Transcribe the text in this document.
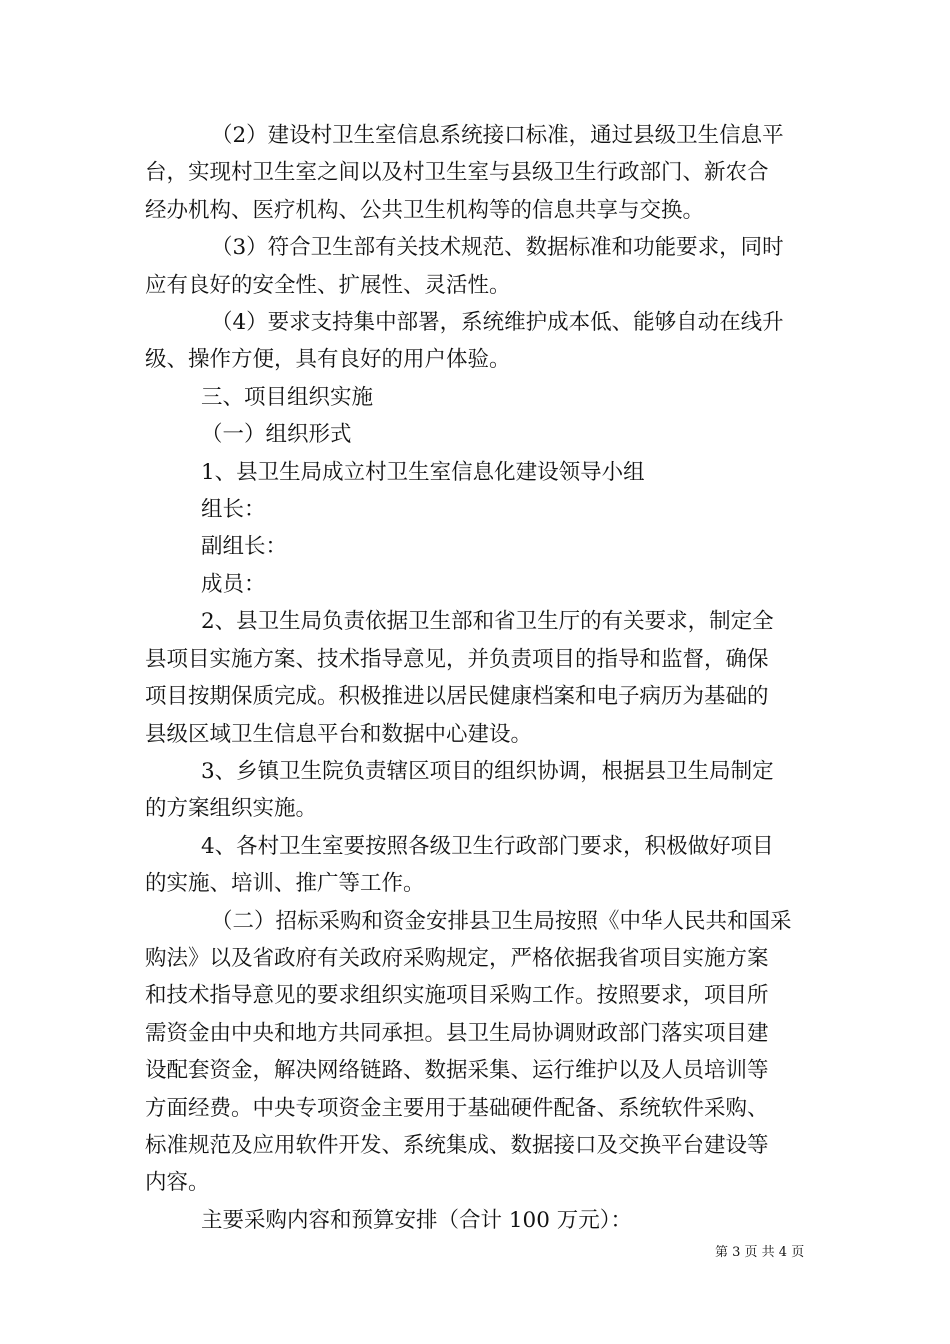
（2）建设村卫生室信息系统接口标准，通过县级卫生信息平
台，实现村卫生室之间以及村卫生室与县级卫生行政部门、新农合
经办机构、医疗机构、公共卫生机构等的信息共享与交换。

（3）符合卫生部有关技术规范、数据标准和功能要求，同时
应有良好的安全性、扩展性、灵活性。

（4）要求支持集中部署，系统维护成本低、能够自动在线升
级、操作方便，具有良好的用户体验。

三、项目组织实施

（一）组织形式

1、县卫生局成立村卫生室信息化建设领导小组

组长：

副组长：

成员：

2、县卫生局负责依据卫生部和省卫生厅的有关要求，制定全
县项目实施方案、技术指导意见，并负责项目的指导和监督，确保
项目按期保质完成。积极推进以居民健康档案和电子病历为基础的
县级区域卫生信息平台和数据中心建设。

3、乡镇卫生院负责辖区项目的组织协调，根据县卫生局制定
的方案组织实施。

4、各村卫生室要按照各级卫生行政部门要求，积极做好项目
的实施、培训、推广等工作。

（二）招标采购和资金安排县卫生局按照《中华人民共和国采
购法》以及省政府有关政府采购规定，严格依据我省项目实施方案
和技术指导意见的要求组织实施项目采购工作。按照要求，项目所
需资金由中央和地方共同承担。县卫生局协调财政部门落实项目建
设配套资金，解决网络链路、数据采集、运行维护以及人员培训等
方面经费。中央专项资金主要用于基础硬件配备、系统软件采购、
标准规范及应用软件开发、系统集成、数据接口及交换平台建设等
内容。

主要采购内容和预算安排（合计 100 万元）：

第 3 页 共 4 页
